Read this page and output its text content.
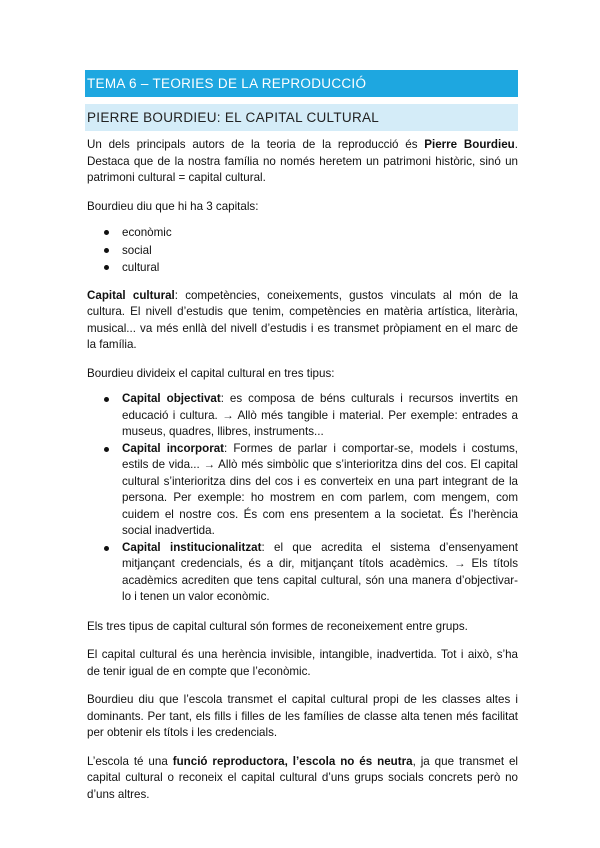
TEMA 6 – TEORIES DE LA REPRODUCCIÓ
PIERRE BOURDIEU: EL CAPITAL CULTURAL

Un dels principals autors de la teoria de la reproducció és Pierre Bourdieu. Destaca que de la nostra família no només heretem un patrimoni històric, sinó un patrimoni cultural = capital cultural.

Bourdieu diu que hi ha 3 capitals:

econòmic
social
cultural

Capital cultural: competències, coneixements, gustos vinculats al món de la cultura. El nivell d’estudis que tenim, competències en matèria artística, literària, musical... va més enllà del nivell d’estudis i es transmet pròpiament en el marc de la família.

Bourdieu divideix el capital cultural en tres tipus:

Capital objectivat: es composa de béns culturals i recursos invertits en educació i cultura. → Allò més tangible i material. Per exemple: entrades a museus, quadres, llibres, instruments...
Capital incorporat: Formes de parlar i comportar-se, models i costums, estils de vida... → Allò més simbòlic que s’interioritza dins del cos. El capital cultural s’interioritza dins del cos i es converteix en una part integrant de la persona. Per exemple: ho mostrem en com parlem, com mengem, com cuidem el nostre cos. És com ens presentem a la societat. És l’herència social inadvertida.
Capital institucionalitzat: el que acredita el sistema d’ensenyament mitjançant credencials, és a dir, mitjançant títols acadèmics. → Els títols acadèmics acrediten que tens capital cultural, són una manera d’objectivar-lo i tenen un valor econòmic.

Els tres tipus de capital cultural són formes de reconeixement entre grups.

El capital cultural és una herència invisible, intangible, inadvertida. Tot i això, s’ha de tenir igual de en compte que l’econòmic.

Bourdieu diu que l’escola transmet el capital cultural propi de les classes altes i dominants. Per tant, els fills i filles de les famílies de classe alta tenen més facilitat per obtenir els títols i les credencials.

L’escola té una funció reproductora, l’escola no és neutra, ja que transmet el capital cultural o reconeix el capital cultural d’uns grups socials concrets però no d’uns altres.
